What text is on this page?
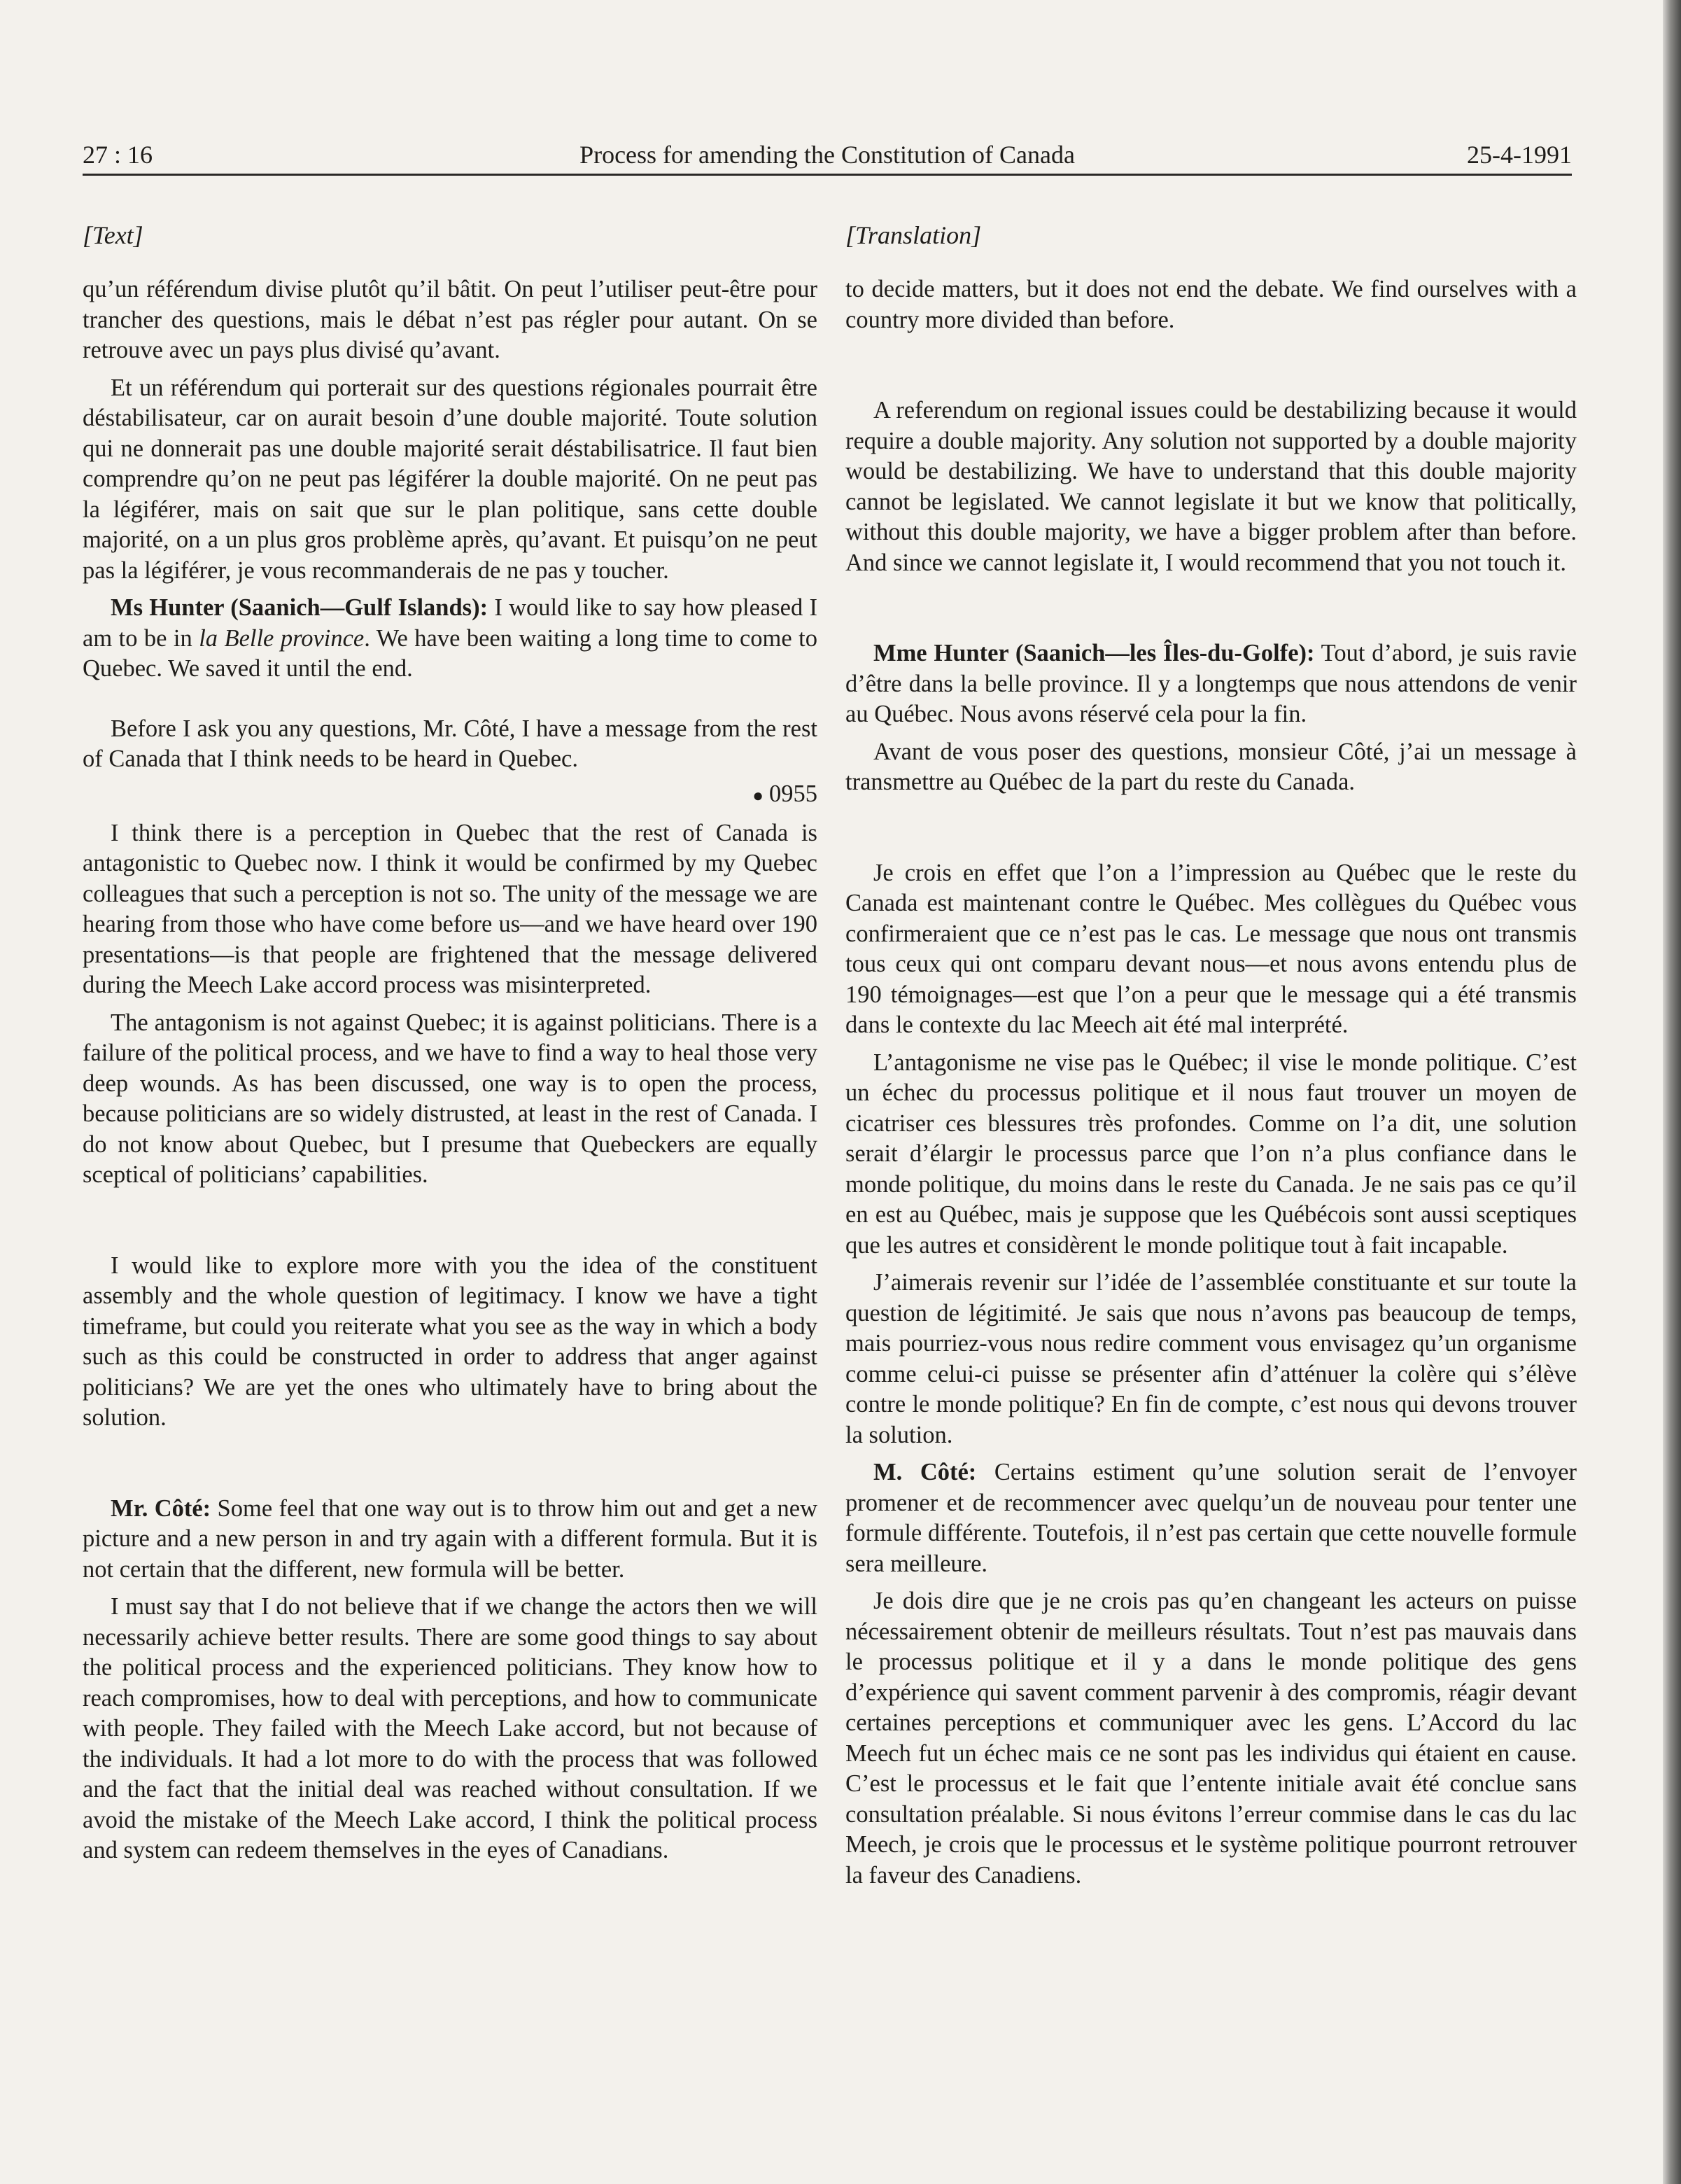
27 : 16	Process for amending the Constitution of Canada	25-4-1991
[Text]

qu’un référendum divise plutôt qu’il bâtit. On peut l’utiliser peut-être pour trancher des questions, mais le débat n’est pas régler pour autant. On se retrouve avec un pays plus divisé qu’avant.

Et un référendum qui porterait sur des questions régionales pourrait être déstabilisateur, car on aurait besoin d’une double majorité. Toute solution qui ne donnerait pas une double majorité serait déstabilisatrice. Il faut bien comprendre qu’on ne peut pas légiférer la double majorité. On ne peut pas la légiférer, mais on sait que sur le plan politique, sans cette double majorité, on a un plus gros problème après, qu’avant. Et puisqu’on ne peut pas la légiférer, je vous recommanderais de ne pas y toucher.

Ms Hunter (Saanich—Gulf Islands): I would like to say how pleased I am to be in la Belle province. We have been waiting a long time to come to Quebec. We saved it until the end.

Before I ask you any questions, Mr. Côté, I have a message from the rest of Canada that I think needs to be heard in Quebec.

● 0955

I think there is a perception in Quebec that the rest of Canada is antagonistic to Quebec now. I think it would be confirmed by my Quebec colleagues that such a perception is not so. The unity of the message we are hearing from those who have come before us—and we have heard over 190 presentations—is that people are frightened that the message delivered during the Meech Lake accord process was misinterpreted.

The antagonism is not against Quebec; it is against politicians. There is a failure of the political process, and we have to find a way to heal those very deep wounds. As has been discussed, one way is to open the process, because politicians are so widely distrusted, at least in the rest of Canada. I do not know about Quebec, but I presume that Quebeckers are equally sceptical of politicians’ capabilities.

I would like to explore more with you the idea of the constituent assembly and the whole question of legitimacy. I know we have a tight timeframe, but could you reiterate what you see as the way in which a body such as this could be constructed in order to address that anger against politicians? We are yet the ones who ultimately have to bring about the solution.

Mr. Côté: Some feel that one way out is to throw him out and get a new picture and a new person in and try again with a different formula. But it is not certain that the different, new formula will be better.

I must say that I do not believe that if we change the actors then we will necessarily achieve better results. There are some good things to say about the political process and the experienced politicians. They know how to reach compromises, how to deal with perceptions, and how to communicate with people. They failed with the Meech Lake accord, but not because of the individuals. It had a lot more to do with the process that was followed and the fact that the initial deal was reached without consultation. If we avoid the mistake of the Meech Lake accord, I think the political process and system can redeem themselves in the eyes of Canadians.

[Translation]

to decide matters, but it does not end the debate. We find ourselves with a country more divided than before.

A referendum on regional issues could be destabilizing because it would require a double majority. Any solution not supported by a double majority would be destabilizing. We have to understand that this double majority cannot be legislated. We cannot legislate it but we know that politically, without this double majority, we have a bigger problem after than before. And since we cannot legislate it, I would recommend that you not touch it.

Mme Hunter (Saanich—les Îles-du-Golfe): Tout d’abord, je suis ravie d’être dans la belle province. Il y a longtemps que nous attendons de venir au Québec. Nous avons réservé cela pour la fin.

Avant de vous poser des questions, monsieur Côté, j’ai un message à transmettre au Québec de la part du reste du Canada.

Je crois en effet que l’on a l’impression au Québec que le reste du Canada est maintenant contre le Québec. Mes collègues du Québec vous confirmeraient que ce n’est pas le cas. Le message que nous ont transmis tous ceux qui ont comparu devant nous—et nous avons entendu plus de 190 témoignages—est que l’on a peur que le message qui a été transmis dans le contexte du lac Meech ait été mal interprété.

L’antagonisme ne vise pas le Québec; il vise le monde politique. C’est un échec du processus politique et il nous faut trouver un moyen de cicatriser ces blessures très profondes. Comme on l’a dit, une solution serait d’élargir le processus parce que l’on n’a plus confiance dans le monde politique, du moins dans le reste du Canada. Je ne sais pas ce qu’il en est au Québec, mais je suppose que les Québécois sont aussi sceptiques que les autres et considèrent le monde politique tout à fait incapable.

J’aimerais revenir sur l’idée de l’assemblée constituante et sur toute la question de légitimité. Je sais que nous n’avons pas beaucoup de temps, mais pourriez-vous nous redire comment vous envisagez qu’un organisme comme celui-ci puisse se présenter afin d’atténuer la colère qui s’élève contre le monde politique? En fin de compte, c’est nous qui devons trouver la solution.

M. Côté: Certains estiment qu’une solution serait de l’envoyer promener et de recommencer avec quelqu’un de nouveau pour tenter une formule différente. Toutefois, il n’est pas certain que cette nouvelle formule sera meilleure.

Je dois dire que je ne crois pas qu’en changeant les acteurs on puisse nécessairement obtenir de meilleurs résultats. Tout n’est pas mauvais dans le processus politique et il y a dans le monde politique des gens d’expérience qui savent comment parvenir à des compromis, réagir devant certaines perceptions et communiquer avec les gens. L’Accord du lac Meech fut un échec mais ce ne sont pas les individus qui étaient en cause. C’est le processus et le fait que l’entente initiale avait été conclue sans consultation préalable. Si nous évitons l’erreur commise dans le cas du lac Meech, je crois que le processus et le système politique pourront retrouver la faveur des Canadiens.
